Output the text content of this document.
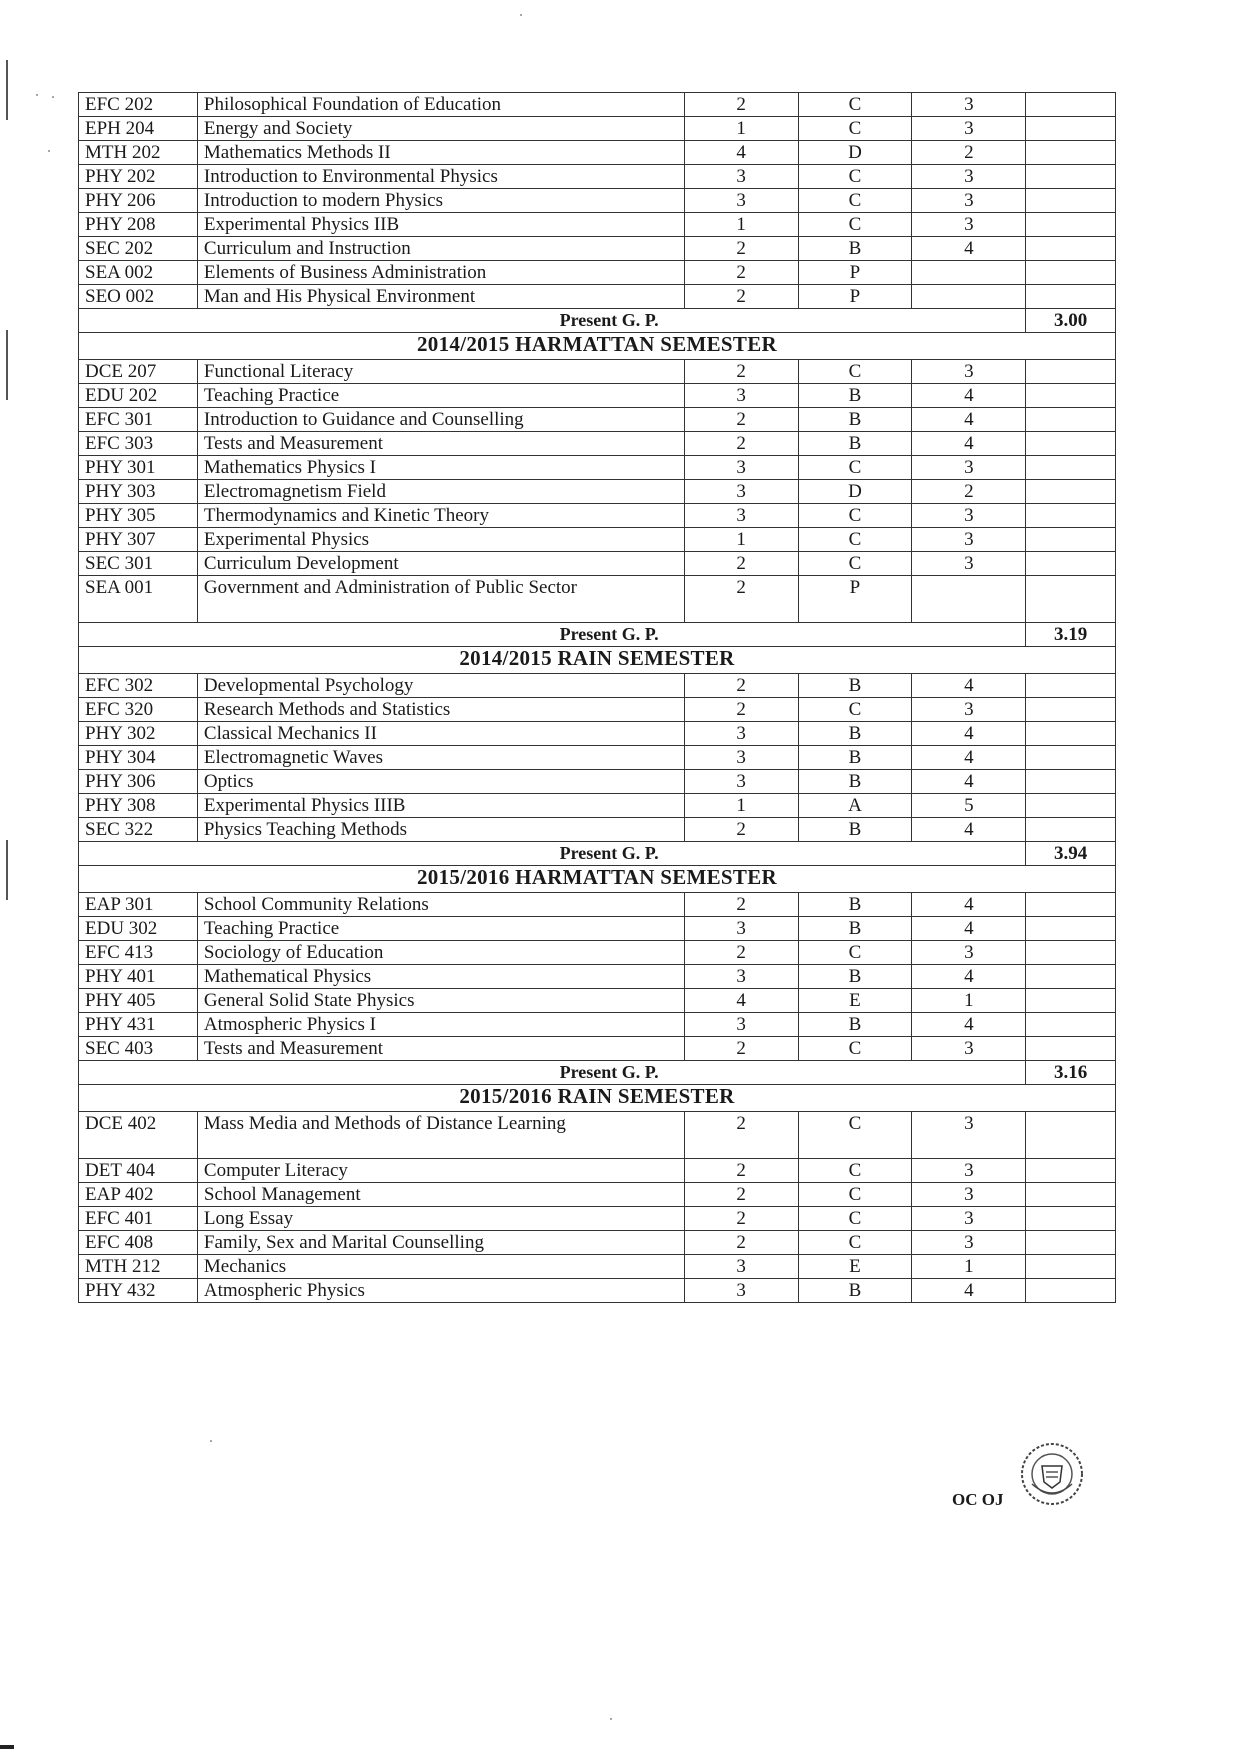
EFC 202	Philosophical Foundation of Education	2	C	3	
EPH 204	Energy and Society	1	C	3	
MTH 202	Mathematics Methods II	4	D	2	
PHY 202	Introduction to Environmental Physics	3	C	3	
PHY 206	Introduction to modern Physics	3	C	3	
PHY 208	Experimental Physics IIB	1	C	3	
SEC 202	Curriculum and Instruction	2	B	4	
SEA 002	Elements of Business Administration	2	P		
SEO 002	Man and His Physical Environment	2	P		
Present G. P.					3.00
2014/2015 HARMATTAN SEMESTER					
DCE 207	Functional Literacy	2	C	3	
EDU 202	Teaching Practice	3	B	4	
EFC 301	Introduction to Guidance and Counselling	2	B	4	
EFC 303	Tests and Measurement	2	B	4	
PHY 301	Mathematics Physics I	3	C	3	
PHY 303	Electromagnetism Field	3	D	2	
PHY 305	Thermodynamics and Kinetic Theory	3	C	3	
PHY 307	Experimental Physics	1	C	3	
SEC 301	Curriculum Development	2	C	3	
SEA 001	Government and Administration of Public Sector	2	P		
Present G. P.					3.19
2014/2015 RAIN SEMESTER					
EFC 302	Developmental Psychology	2	B	4	
EFC 320	Research Methods and Statistics	2	C	3	
PHY 302	Classical Mechanics II	3	B	4	
PHY 304	Electromagnetic Waves	3	B	4	
PHY 306	Optics	3	B	4	
PHY 308	Experimental Physics IIIB	1	A	5	
SEC 322	Physics Teaching Methods	2	B	4	
Present G. P.					3.94
2015/2016 HARMATTAN SEMESTER					
EAP 301	School Community Relations	2	B	4	
EDU 302	Teaching Practice	3	B	4	
EFC 413	Sociology of Education	2	C	3	
PHY 401	Mathematical Physics	3	B	4	
PHY 405	General Solid State Physics	4	E	1	
PHY 431	Atmospheric Physics I	3	B	4	
SEC 403	Tests and Measurement	2	C	3	
Present G. P.					3.16
2015/2016 RAIN SEMESTER					
DCE 402	Mass Media and Methods of Distance Learning	2	C	3	
DET 404	Computer Literacy	2	C	3	
EAP 402	School Management	2	C	3	
EFC 401	Long Essay	2	C	3	
EFC 408	Family, Sex and Marital Counselling	2	C	3	
MTH 212	Mechanics	3	E	1	
PHY 432	Atmospheric Physics	3	B	4	
OC OJ
